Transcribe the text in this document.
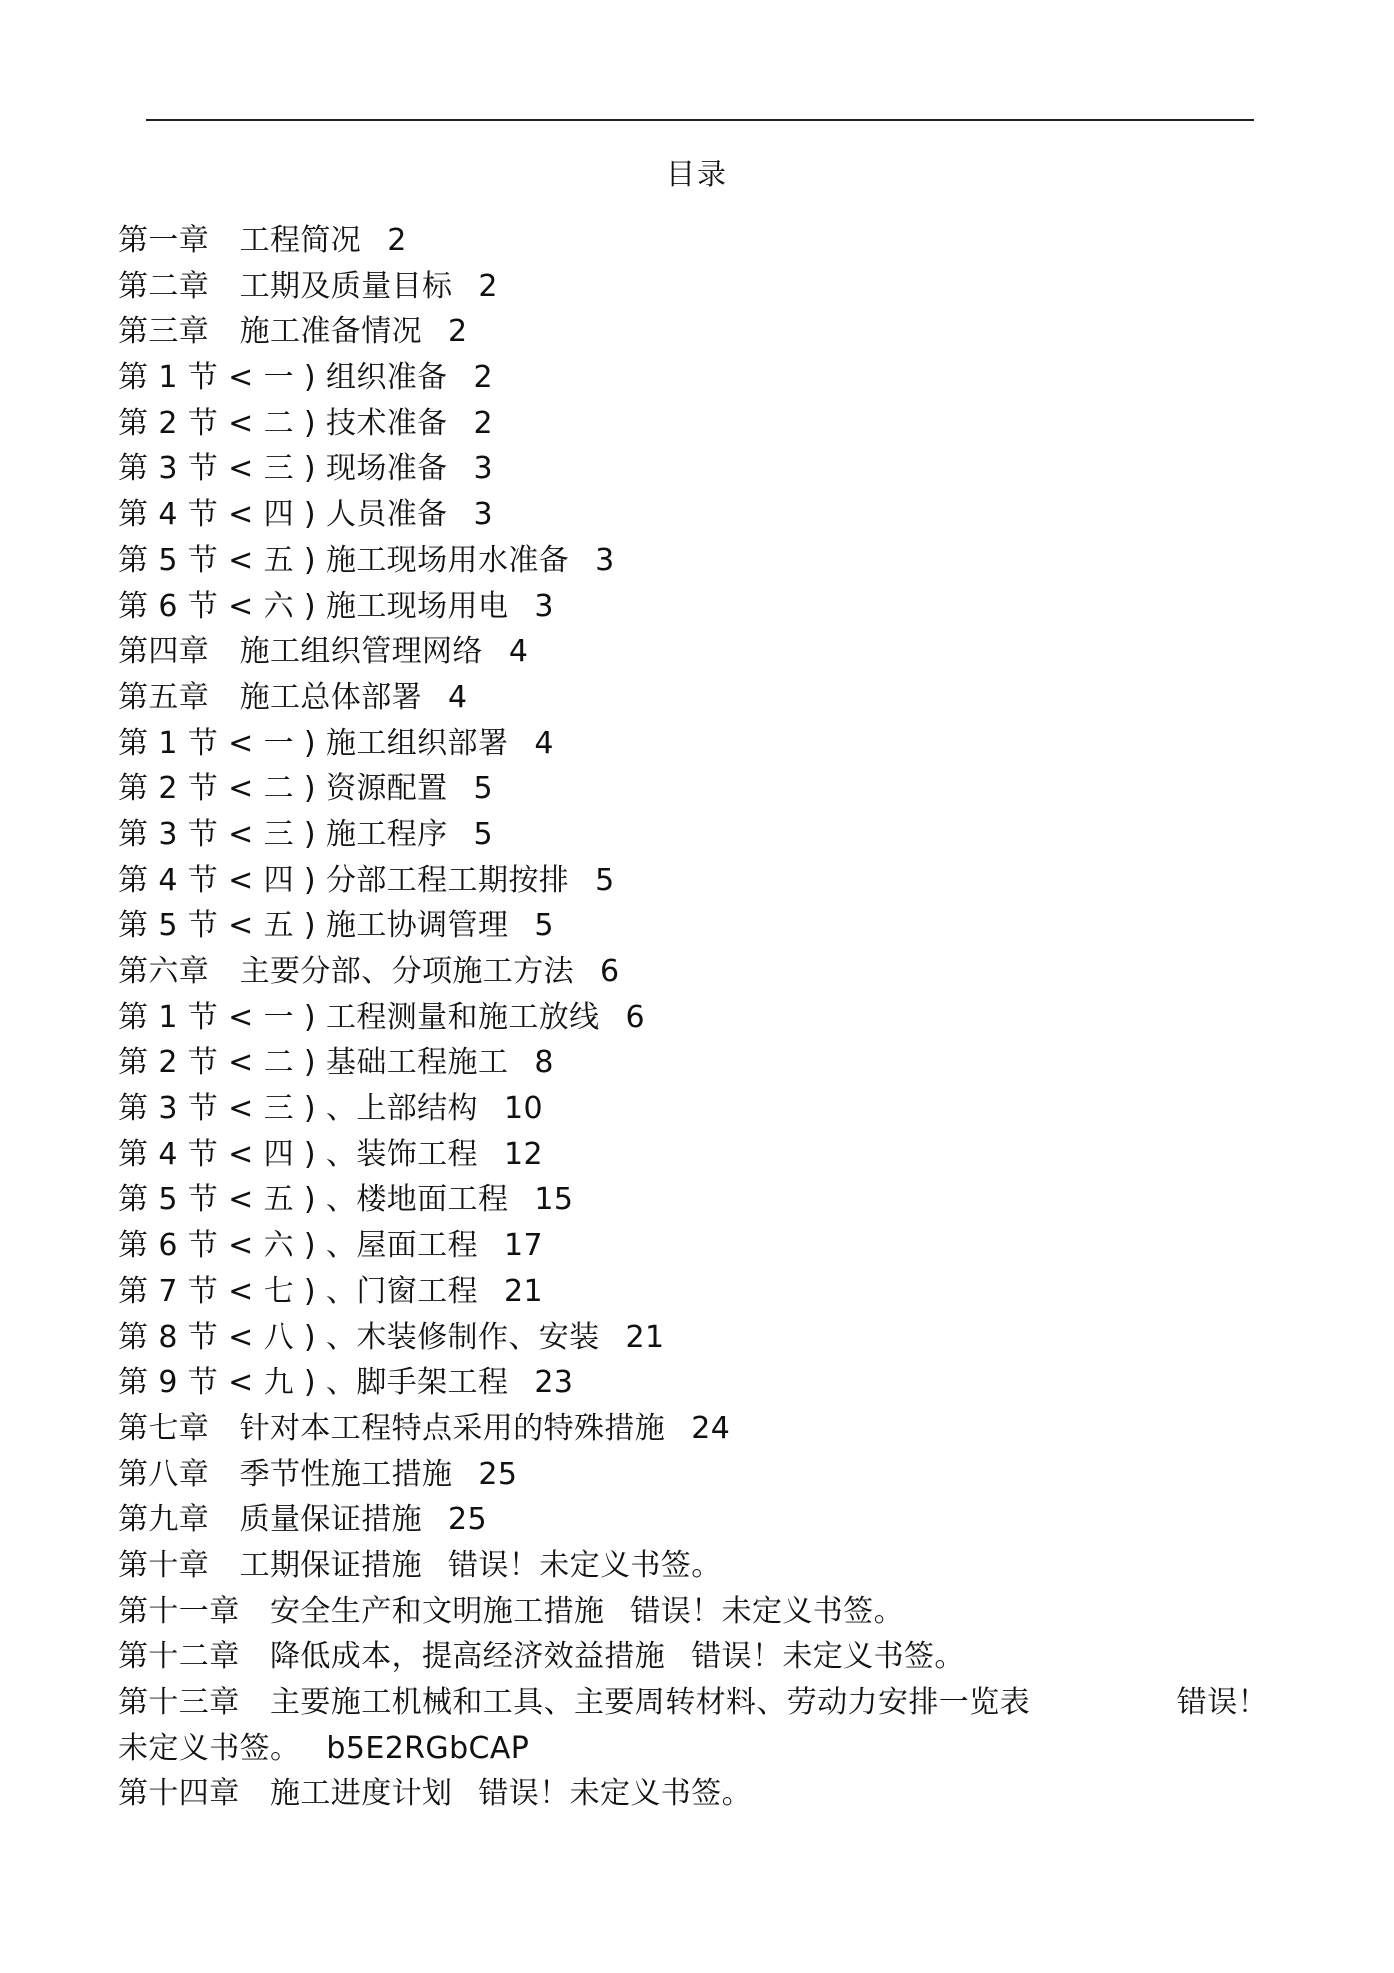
目录
第一章　工程简况 2
第二章　工期及质量目标 2
第三章　施工准备情况 2
第 1 节 < 一 ) 组织准备 2
第 2 节 < 二 ) 技术准备 2
第 3 节 < 三 ) 现场准备 3
第 4 节 < 四 ) 人员准备 3
第 5 节 < 五 ) 施工现场用水准备 3
第 6 节 < 六 ) 施工现场用电 3
第四章　施工组织管理网络 4
第五章　施工总体部署 4
第 1 节 < 一 ) 施工组织部署 4
第 2 节 < 二 ) 资源配置 5
第 3 节 < 三 ) 施工程序 5
第 4 节 < 四 ) 分部工程工期按排 5
第 5 节 < 五 ) 施工协调管理 5
第六章　主要分部、分项施工方法 6
第 1 节 < 一 ) 工程测量和施工放线 6
第 2 节 < 二 ) 基础工程施工 8
第 3 节 < 三 ) 、上部结构 10
第 4 节 < 四 ) 、装饰工程 12
第 5 节 < 五 ) 、楼地面工程 15
第 6 节 < 六 ) 、屋面工程 17
第 7 节 < 七 ) 、门窗工程 21
第 8 节 < 八 ) 、木装修制作、安装 21
第 9 节 < 九 ) 、脚手架工程 23
第七章　针对本工程特点采用的特殊措施 24
第八章　季节性施工措施 25
第九章　质量保证措施 25
第十章　工期保证措施 错误！未定义书签。
第十一章　安全生产和文明施工措施 错误！未定义书签。
第十二章　降低成本，提高经济效益措施 错误！未定义书签。
第十三章　主要施工机械和工具、主要周转材料、劳动力安排一览表	错误！
未定义书签。 b5E2RGbCAP
第十四章　施工进度计划 错误！未定义书签。
